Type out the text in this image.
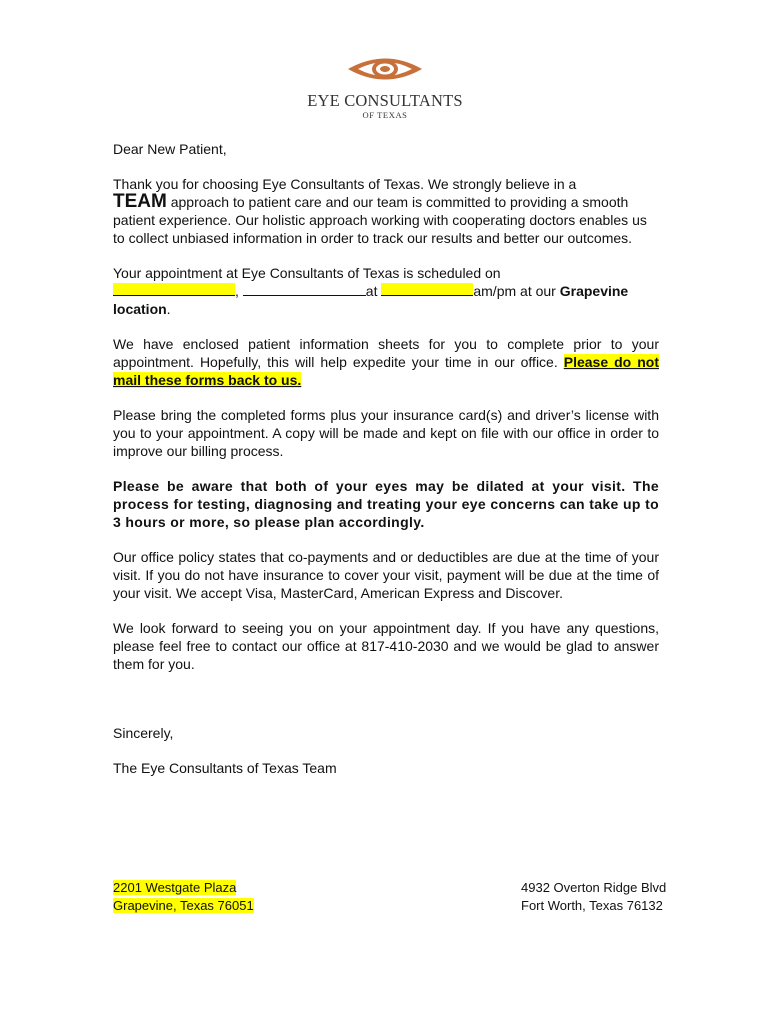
EYE CONSULTANTS
OF TEXAS

Dear New Patient,

Thank you for choosing Eye Consultants of Texas. We strongly believe in a
TEAM approach to patient care and our team is committed to providing a smooth patient experience. Our holistic approach working with cooperating doctors enables us to collect unbiased information in order to track our results and better our outcomes.

Your appointment at Eye Consultants of Texas is scheduled on
,	at	am/pm at our Grapevine location.

We have enclosed patient information sheets for you to complete prior to your appointment. Hopefully, this will help expedite your time in our office. Please do not mail these forms back to us.

Please bring the completed forms plus your insurance card(s) and driver’s license with you to your appointment. A copy will be made and kept on file with our office in order to improve our billing process.

Please be aware that both of your eyes may be dilated at your visit. The process for testing, diagnosing and treating your eye concerns can take up to 3 hours or more, so please plan accordingly.

Our office policy states that co-payments and or deductibles are due at the time of your visit. If you do not have insurance to cover your visit, payment will be due at the time of your visit. We accept Visa, MasterCard, American Express and Discover.

We look forward to seeing you on your appointment day. If you have any questions, please feel free to contact our office at 817-410-2030 and we would be glad to answer them for you.

Sincerely,

The Eye Consultants of Texas Team

2201 Westgate Plaza
Grapevine, Texas 76051
4932 Overton Ridge Blvd
Fort Worth, Texas 76132
